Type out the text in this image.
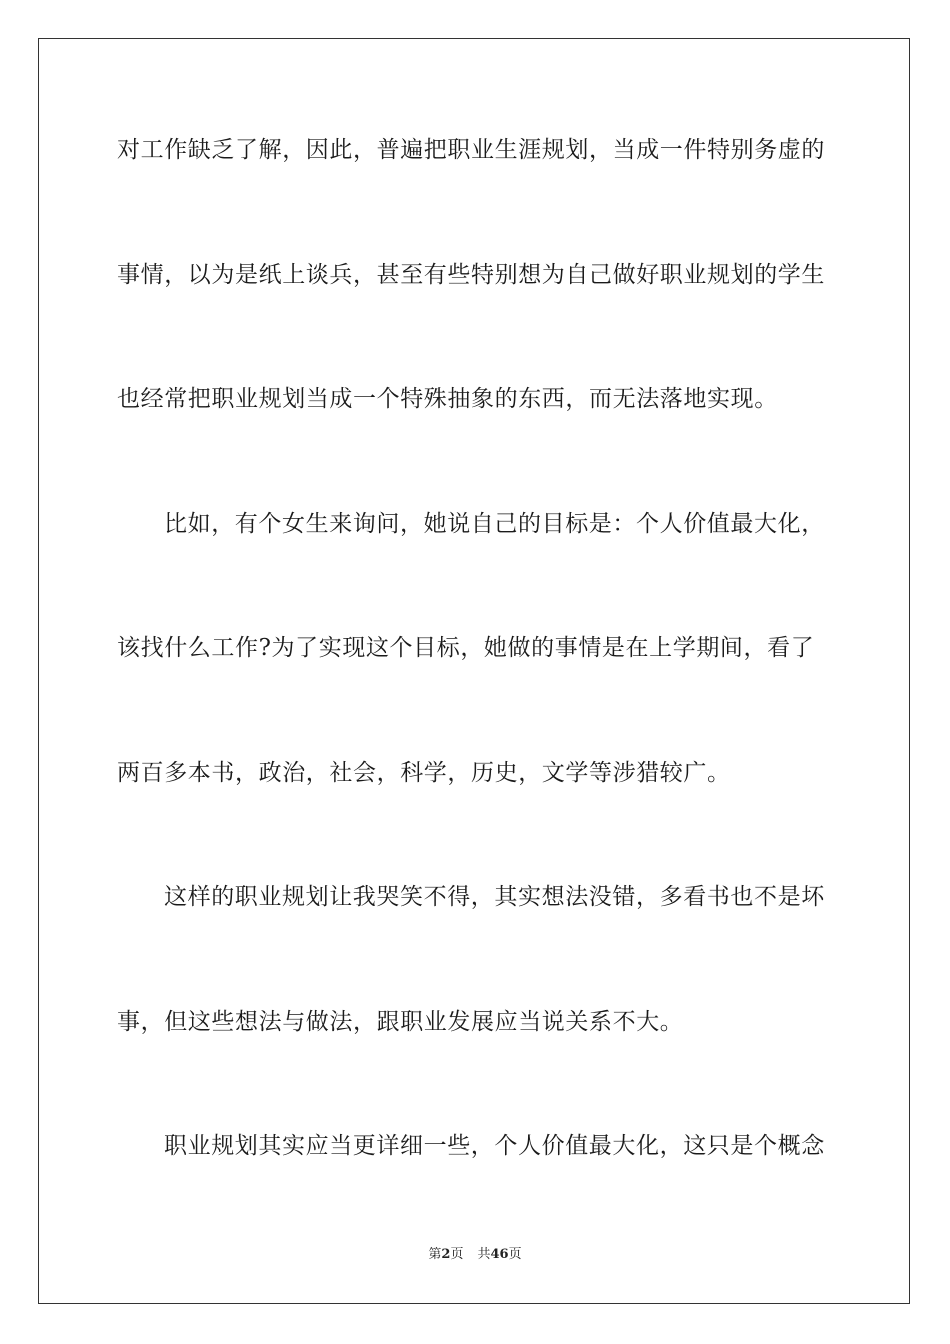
对工作缺乏了解，因此，普遍把职业生涯规划，当成一件特别务虚的
事情，以为是纸上谈兵，甚至有些特别想为自己做好职业规划的学生
也经常把职业规划当成一个特殊抽象的东西，而无法落地实现。
比如，有个女生来询问，她说自己的目标是：个人价值最大化，
该找什么工作?为了实现这个目标，她做的事情是在上学期间，看了
两百多本书，政治，社会，科学，历史，文学等涉猎较广。
这样的职业规划让我哭笑不得，其实想法没错，多看书也不是坏
事，但这些想法与做法，跟职业发展应当说关系不大。
职业规划其实应当更详细一些，个人价值最大化，这只是个概念
第2页 共46页
